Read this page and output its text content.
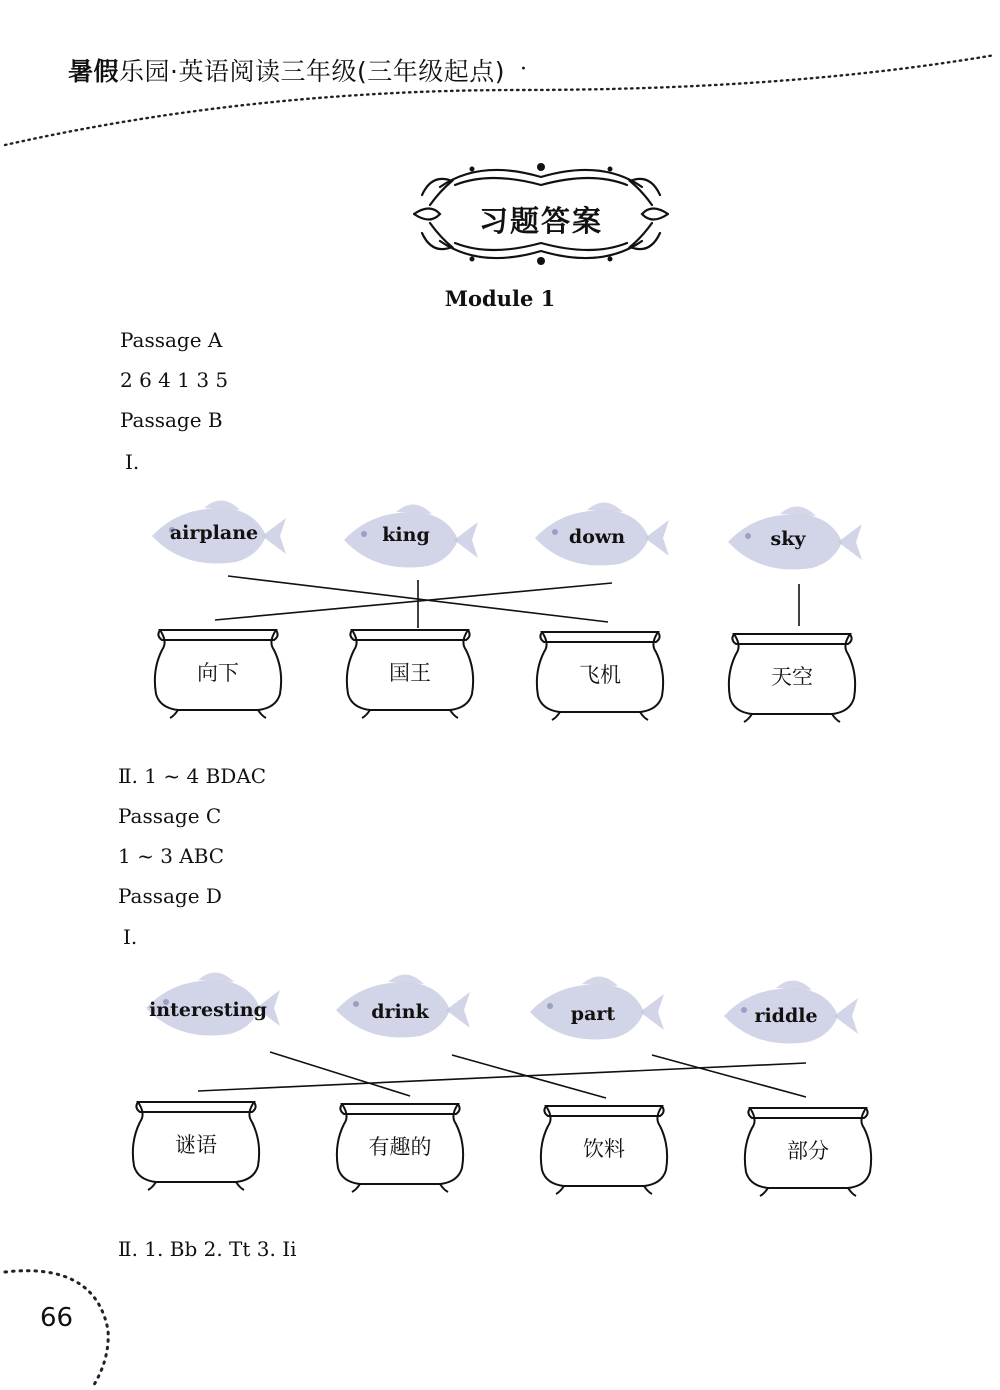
暑假乐园·英语阅读三年级(三年级起点) ·
习题答案
Module 1
Passage A
2 6 4 1 3 5
Passage B
Ⅰ.
airplane	king	down	sky
向下	国王	飞机	天空
Ⅱ. 1 ~ 4 BDAC
Passage C
1 ~ 3 ABC
Passage D
Ⅰ.
interesting	drink	part	riddle
谜语	有趣的	饮料	部分
Ⅱ. 1. Bb 2. Tt 3. Ii
66
